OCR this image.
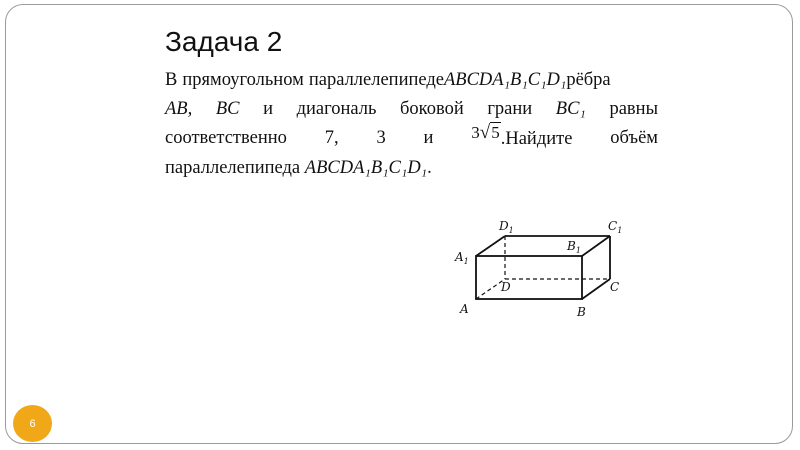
Задача 2
В прямоугольном параллелепипеде ABCDA₁B₁C₁D₁ рёбра
AB, BC и диагональ боковой грани BC₁ равны
соответственно 7, 3 и 3√5.Найдите объём
параллелепипеда
ABCDA₁B₁C₁D₁ .
$A_1$
$D_1$	$C_1$
$B_1$
D	C
A	B
6
